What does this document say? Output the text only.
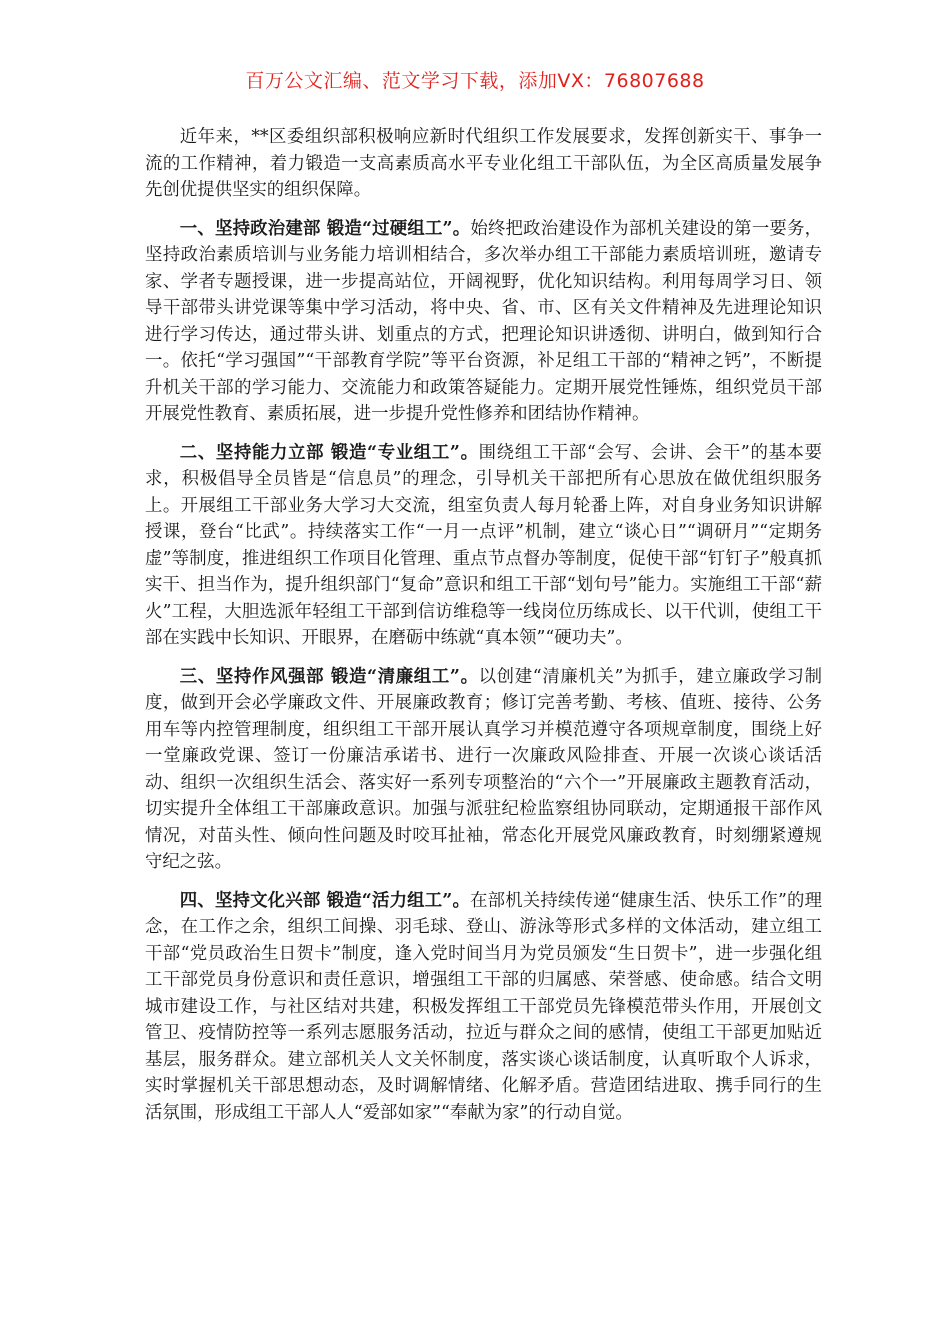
百万公文汇编、范文学习下载，添加VX：76807688

近年来，**区委组织部积极响应新时代组织工作发展要求，发挥创新实干、事争一流的工作精神，着力锻造一支高素质高水平专业化组工干部队伍，为全区高质量发展争先创优提供坚实的组织保障。

一、坚持政治建部 锻造“过硬组工”。始终把政治建设作为部机关建设的第一要务，坚持政治素质培训与业务能力培训相结合，多次举办组工干部能力素质培训班，邀请专家、学者专题授课，进一步提高站位，开阔视野，优化知识结构。利用每周学习日、领导干部带头讲党课等集中学习活动，将中央、省、市、区有关文件精神及先进理论知识进行学习传达，通过带头讲、划重点的方式，把理论知识讲透彻、讲明白，做到知行合一。依托“学习强国”“干部教育学院”等平台资源，补足组工干部的“精神之钙”，不断提升机关干部的学习能力、交流能力和政策答疑能力。定期开展党性锤炼，组织党员干部开展党性教育、素质拓展，进一步提升党性修养和团结协作精神。

二、坚持能力立部 锻造“专业组工”。围绕组工干部“会写、会讲、会干”的基本要求，积极倡导全员皆是“信息员”的理念，引导机关干部把所有心思放在做优组织服务上。开展组工干部业务大学习大交流，组室负责人每月轮番上阵，对自身业务知识讲解授课，登台“比武”。持续落实工作“一月一点评”机制，建立“谈心日”“调研月”“定期务虚”等制度，推进组织工作项目化管理、重点节点督办等制度，促使干部“钉钉子”般真抓实干、担当作为，提升组织部门“复命”意识和组工干部“划句号”能力。实施组工干部“薪火”工程，大胆选派年轻组工干部到信访维稳等一线岗位历练成长、以干代训，使组工干部在实践中长知识、开眼界，在磨砺中练就“真本领”“硬功夫”。

三、坚持作风强部 锻造“清廉组工”。以创建“清廉机关”为抓手，建立廉政学习制度，做到开会必学廉政文件、开展廉政教育；修订完善考勤、考核、值班、接待、公务用车等内控管理制度，组织组工干部开展认真学习并模范遵守各项规章制度，围绕上好一堂廉政党课、签订一份廉洁承诺书、进行一次廉政风险排查、开展一次谈心谈话活动、组织一次组织生活会、落实好一系列专项整治的“六个一”开展廉政主题教育活动，切实提升全体组工干部廉政意识。加强与派驻纪检监察组协同联动，定期通报干部作风情况，对苗头性、倾向性问题及时咬耳扯袖，常态化开展党风廉政教育，时刻绷紧遵规守纪之弦。

四、坚持文化兴部 锻造“活力组工”。在部机关持续传递“健康生活、快乐工作”的理念，在工作之余，组织工间操、羽毛球、登山、游泳等形式多样的文体活动，建立组工干部“党员政治生日贺卡”制度，逢入党时间当月为党员颁发“生日贺卡”，进一步强化组工干部党员身份意识和责任意识，增强组工干部的归属感、荣誉感、使命感。结合文明城市建设工作，与社区结对共建，积极发挥组工干部党员先锋模范带头作用，开展创文管卫、疫情防控等一系列志愿服务活动，拉近与群众之间的感情，使组工干部更加贴近基层，服务群众。建立部机关人文关怀制度，落实谈心谈话制度，认真听取个人诉求，实时掌握机关干部思想动态，及时调解情绪、化解矛盾。营造团结进取、携手同行的生活氛围，形成组工干部人人“爱部如家”“奉献为家”的行动自觉。
